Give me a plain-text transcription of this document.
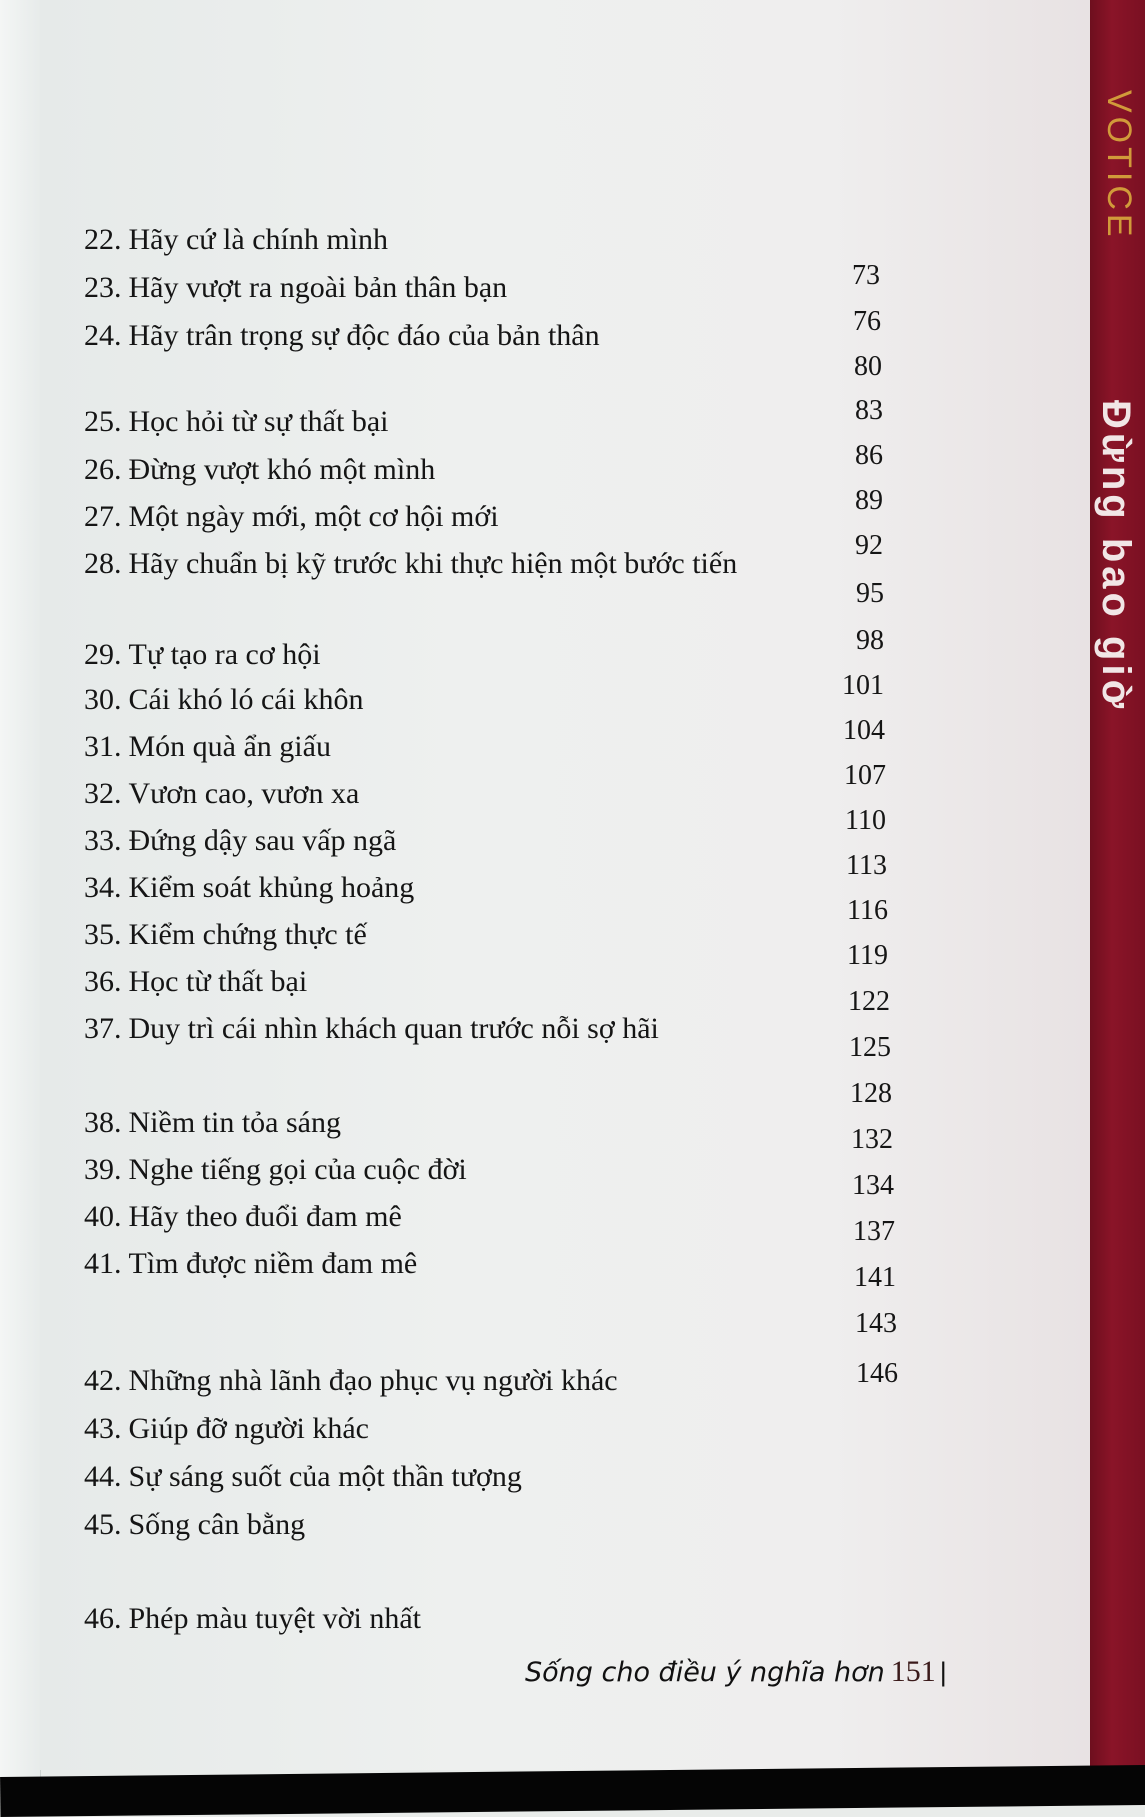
VOTICE
Đừng bao giờ
22. Hãy cứ là chính mình
23. Hãy vượt ra ngoài bản thân bạn
24. Hãy trân trọng sự độc đáo của bản thân
25. Học hỏi từ sự thất bại
26. Đừng vượt khó một mình
27. Một ngày mới, một cơ hội mới
28. Hãy chuẩn bị kỹ trước khi thực hiện một bước tiến
29. Tự tạo ra cơ hội
30. Cái khó ló cái khôn
31. Món quà ẩn giấu
32. Vươn cao, vươn xa
33. Đứng dậy sau vấp ngã
34. Kiểm soát khủng hoảng
35. Kiểm chứng thực tế
36. Học từ thất bại
37. Duy trì cái nhìn khách quan trước nỗi sợ hãi
38. Niềm tin tỏa sáng
39. Nghe tiếng gọi của cuộc đời
40. Hãy theo đuổi đam mê
41. Tìm được niềm đam mê
42. Những nhà lãnh đạo phục vụ người khác
43. Giúp đỡ người khác
44. Sự sáng suốt của một thần tượng
45. Sống cân bằng
46. Phép màu tuyệt vời nhất
73
76
80
83
86
89
92
95
98
101
104
107
110
113
116
119
122
125
128
132
134
137
141
143
146
Sống cho điều ý nghĩa hơn 151 |
